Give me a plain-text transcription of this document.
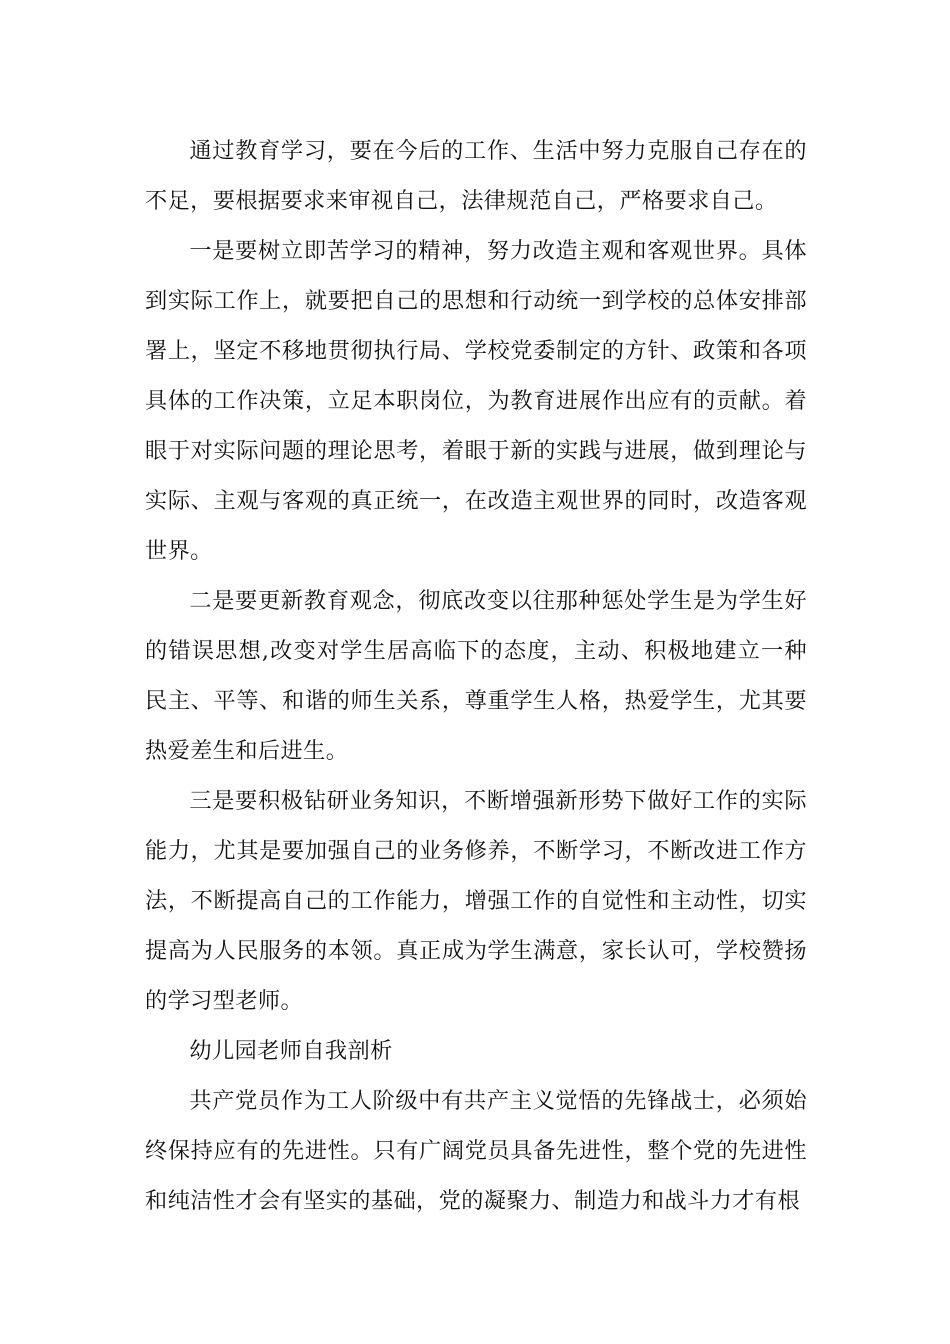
通过教育学习，要在今后的工作、生活中努力克服自己存在的不足，要根据要求来审视自己，法律规范自己，严格要求自己。

一是要树立即苦学习的精神，努力改造主观和客观世界。具体到实际工作上，就要把自己的思想和行动统一到学校的总体安排部署上，坚定不移地贯彻执行局、学校党委制定的方针、政策和各项具体的工作决策，立足本职岗位，为教育进展作出应有的贡献。着眼于对实际问题的理论思考，着眼于新的实践与进展，做到理论与实际、主观与客观的真正统一，在改造主观世界的同时，改造客观世界。

二是要更新教育观念，彻底改变以往那种惩处学生是为学生好的错误思想,改变对学生居高临下的态度，主动、积极地建立一种民主、平等、和谐的师生关系，尊重学生人格，热爱学生，尤其要热爱差生和后进生。

三是要积极钻研业务知识，不断增强新形势下做好工作的实际能力，尤其是要加强自己的业务修养，不断学习，不断改进工作方法，不断提高自己的工作能力，增强工作的自觉性和主动性，切实提高为人民服务的本领。真正成为学生满意，家长认可，学校赞扬的学习型老师。

幼儿园老师自我剖析

共产党员作为工人阶级中有共产主义觉悟的先锋战士，必须始终保持应有的先进性。只有广阔党员具备先进性，整个党的先进性和纯洁性才会有坚实的基础，党的凝聚力、制造力和战斗力才有根
